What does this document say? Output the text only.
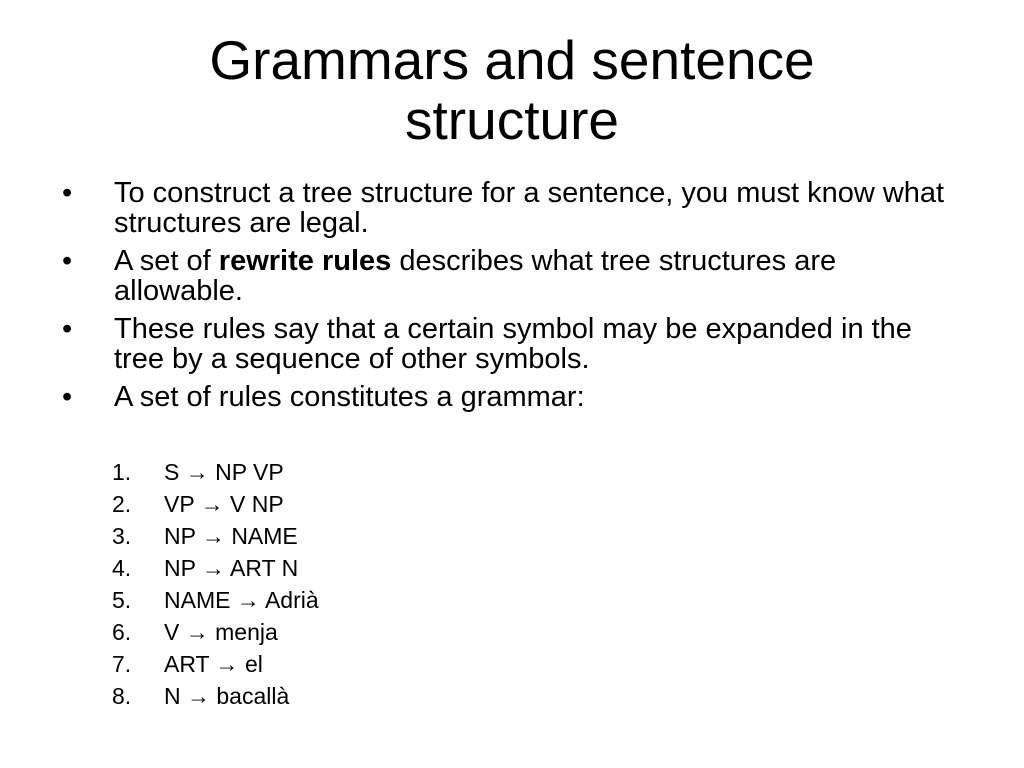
Grammars and sentence
structure
• To construct a tree structure for a sentence, you must know what structures are legal.
• A set of rewrite rules describes what tree structures are allowable.
• These rules say that a certain symbol may be expanded in the tree by a sequence of other symbols.
• A set of rules constitutes a grammar:
1. S → NP VP
2. VP → V NP
3. NP → NAME
4. NP → ART N
5. NAME → Adrià
6. V → menja
7. ART → el
8. N → bacallà
